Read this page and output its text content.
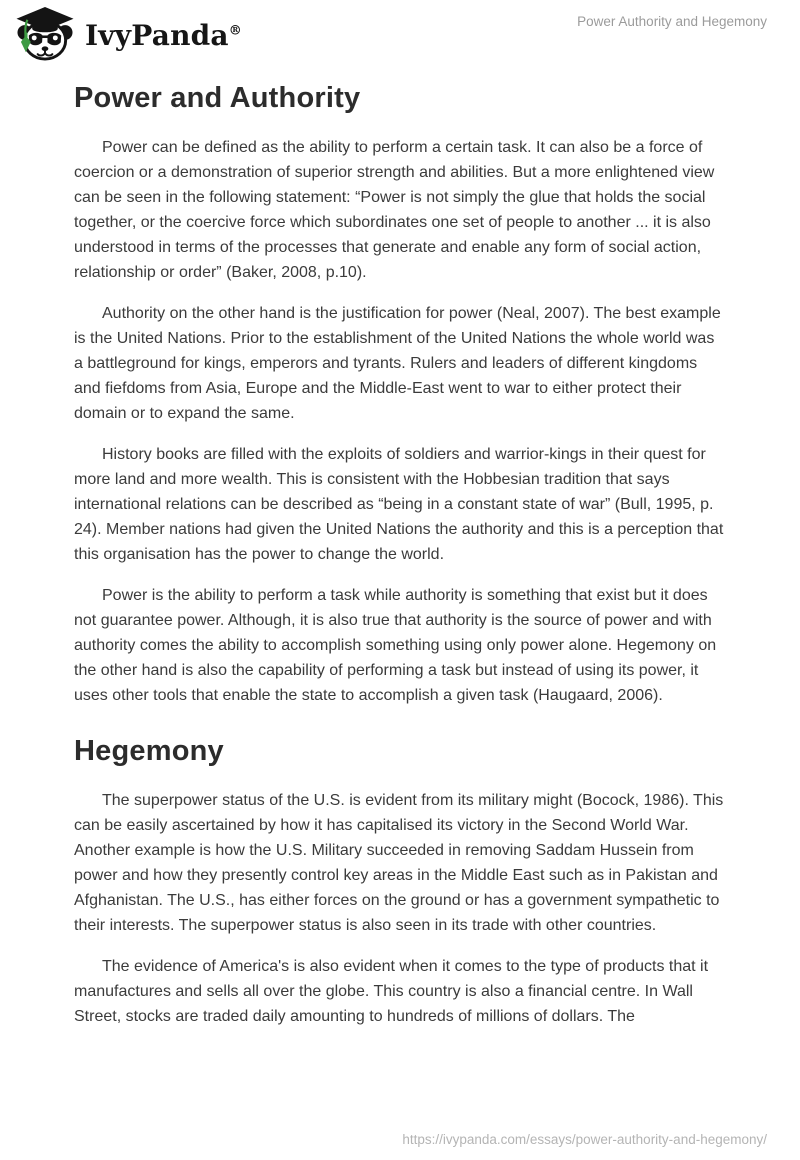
IvyPanda®
Power Authority and Hegemony
Power and Authority

Power can be defined as the ability to perform a certain task. It can also be a force of coercion or a demonstration of superior strength and abilities. But a more enlightened view can be seen in the following statement: “Power is not simply the glue that holds the social together, or the coercive force which subordinates one set of people to another ... it is also understood in terms of the processes that generate and enable any form of social action, relationship or order” (Baker, 2008, p.10).

Authority on the other hand is the justification for power (Neal, 2007). The best example is the United Nations. Prior to the establishment of the United Nations the whole world was a battleground for kings, emperors and tyrants. Rulers and leaders of different kingdoms and fiefdoms from Asia, Europe and the Middle-East went to war to either protect their domain or to expand the same.

History books are filled with the exploits of soldiers and warrior-kings in their quest for more land and more wealth. This is consistent with the Hobbesian tradition that says international relations can be described as “being in a constant state of war” (Bull, 1995, p. 24). Member nations had given the United Nations the authority and this is a perception that this organisation has the power to change the world.

Power is the ability to perform a task while authority is something that exist but it does not guarantee power. Although, it is also true that authority is the source of power and with authority comes the ability to accomplish something using only power alone. Hegemony on the other hand is also the capability of performing a task but instead of using its power, it uses other tools that enable the state to accomplish a given task (Haugaard, 2006).

Hegemony

The superpower status of the U.S. is evident from its military might (Bocock, 1986). This can be easily ascertained by how it has capitalised its victory in the Second World War. Another example is how the U.S. Military succeeded in removing Saddam Hussein from power and how they presently control key areas in the Middle East such as in Pakistan and Afghanistan. The U.S., has either forces on the ground or has a government sympathetic to their interests. The superpower status is also seen in its trade with other countries.

The evidence of America's is also evident when it comes to the type of products that it manufactures and sells all over the globe. This country is also a financial centre. In Wall Street, stocks are traded daily amounting to hundreds of millions of dollars. The

https://ivypanda.com/essays/power-authority-and-hegemony/
